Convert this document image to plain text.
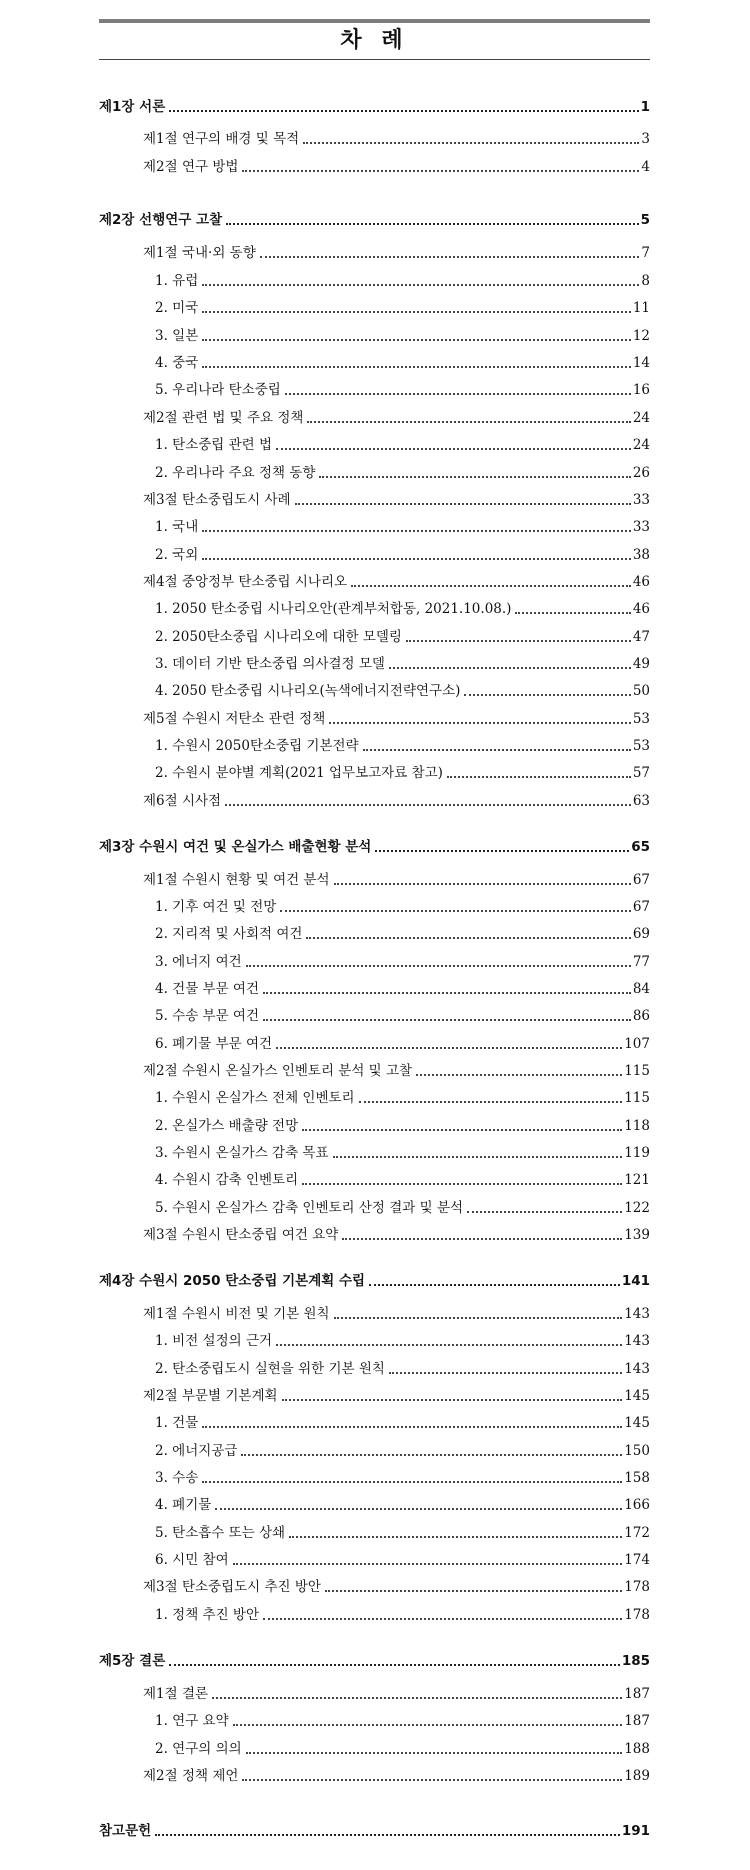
차 례
제1장 서론	1
제1절 연구의 배경 및 목적	3
제2절 연구 방법	4
제2장 선행연구 고찰	5
제1절 국내·외 동향	7
1. 유럽	8
2. 미국	11
3. 일본	12
4. 중국	14
5. 우리나라 탄소중립	16
제2절 관련 법 및 주요 정책	24
1. 탄소중립 관련 법	24
2. 우리나라 주요 정책 동향	26
제3절 탄소중립도시 사례	33
1. 국내	33
2. 국외	38
제4절 중앙정부 탄소중립 시나리오	46
1. 2050 탄소중립 시나리오안(관계부처합동, 2021.10.08.)	46
2. 2050탄소중립 시나리오에 대한 모델링	47
3. 데이터 기반 탄소중립 의사결정 모델	49
4. 2050 탄소중립 시나리오(녹색에너지전략연구소)	50
제5절 수원시 저탄소 관련 정책	53
1. 수원시 2050탄소중립 기본전략	53
2. 수원시 분야별 계획(2021 업무보고자료 참고)	57
제6절 시사점	63
제3장 수원시 여건 및 온실가스 배출현황 분석	65
제1절 수원시 현황 및 여건 분석	67
1. 기후 여건 및 전망	67
2. 지리적 및 사회적 여건	69
3. 에너지 여건	77
4. 건물 부문 여건	84
5. 수송 부문 여건	86
6. 폐기물 부문 여건	107
제2절 수원시 온실가스 인벤토리 분석 및 고찰	115
1. 수원시 온실가스 전체 인벤토리	115
2. 온실가스 배출량 전망	118
3. 수원시 온실가스 감축 목표	119
4. 수원시 감축 인벤토리	121
5. 수원시 온실가스 감축 인벤토리 산정 결과 및 분석	122
제3절 수원시 탄소중립 여건 요약	139
제4장 수원시 2050 탄소중립 기본계획 수립	141
제1절 수원시 비전 및 기본 원칙	143
1. 비전 설정의 근거	143
2. 탄소중립도시 실현을 위한 기본 원칙	143
제2절 부문별 기본계획	145
1. 건물	145
2. 에너지공급	150
3. 수송	158
4. 폐기물	166
5. 탄소흡수 또는 상쇄	172
6. 시민 참여	174
제3절 탄소중립도시 추진 방안	178
1. 정책 추진 방안	178
제5장 결론	185
제1절 결론	187
1. 연구 요약	187
2. 연구의 의의	188
제2절 정책 제언	189
참고문헌	191
